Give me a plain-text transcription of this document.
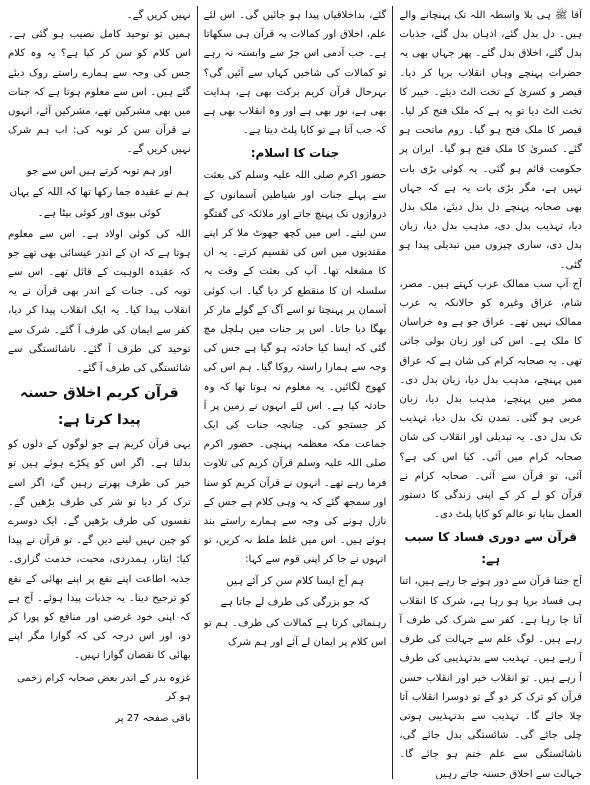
آقا ﷺ ہی بلا واسطہ اللہ تک پہنچانے والے ہیں۔ دل بدل گئے، اذہان بدل گئے، جذبات بدل گئے، اخلاق بدل گئے۔ پھر جہاں بھی یہ حضرات پہنچے وہاں انقلاب برپا کر دیا۔ قیصر و کسریٰ کے تخت الٹ دیئے۔ خیبر کا تخت الٹ دیا تو یہ ہے کہ ملک فتح کر لیا۔ قیصر کا ملک فتح ہو گیا۔ روم ماتحت ہو گئے۔ کسریٰ کا ملک فتح ہو گیا۔ ایران پر حکومت قائم ہو گئی۔ یہ کوئی بڑی بات نہیں ہے، مگر بڑی بات یہ ہے کہ جہاں بھی صحابہ پہنچے دل بدل دیئے، ملک بدل دیا، تہذیب بدل دی، مذہب بدل دیا، زبان بدل دی، ساری چیزوں میں تبدیلی پیدا ہو گئی۔

آج آپ سب ممالک عرب کہتے ہیں۔ مصر، شام، عراق وغیرہ کو حالانکہ یہ عرب ممالک نہیں تھے۔ عراق جو ہے وہ خراسان کا ملک ہے۔ اس کی اور زبان بولی جاتی تھی۔ یہ صحابہ کرام کی شان ہے کہ عراق میں پہنچے، مذہب بدل دیا، زبان بدل دی۔ مصر میں پہنچے، مذہب بدل دیا، زبان عربی ہو گئی۔ تمدن تک بدل دیا، تہذیب تک بدل دی۔ یہ تبدیلی اور انقلاب کی شان صحابہ کرام میں آئی۔ کیا اس کی ہے؟ آئی، تو قرآن سے آئی۔ صحابہ کرام نے قرآن کو لے کر کے اپنی زندگی کا دستور العمل بنایا تو عالم کو کایا پلٹ دی۔

قرآن سے دوری فساد کا سبب ہے:

آج جتنا قرآن سے دور ہوتے جا رہے ہیں، اتنا ہی فساد برپا ہو رہا ہے، شرک کا انقلاب آتا جا رہا ہے۔ کفر سے شرک کی طرف آ رہے ہیں۔ لوگ علم سے جہالت کی طرف آ رہے ہیں۔ تہذیب سے بدتہذیبی کی طرف آ رہے ہیں۔ تو انقلاب خیر اور انقلاب حسن قرآن کو ترک کر دو گے تو دوسرا انقلاب آتا چلا جائے گا۔ تہذیب سے بدتہذیبی ہوتی چلی جائے گی۔ شائستگی بدل جائے گی، ناشائستگی سے علم ختم ہو جائے گا۔ جہالت سے اخلاق حسنہ جاتے رہیں

گئے، بداخلاقیاں پیدا ہو جائیں گی۔ اس لئے علم، اخلاق اور کمالات یہ قرآن ہی سکھاتا ہے۔ جب آدمی اس جڑ سے وابستہ نہ رہے تو کمالات کی شاخیں کہاں سے آئیں گی؟ بہرحال قرآن کریم برکت بھی ہے، ہدایت بھی ہے، نور بھی ہے اور وہ انقلاب بھی ہے کہ جب آتا ہے تو کایا پلٹ دیتا ہے۔

جنات کا اسلام:

حضور اکرم صلی اللہ علیہ وسلم کی بعثت سے پہلے جنات اور شیاطین آسمانوں کے دروازوں تک پہنچ جاتے اور ملائکہ کی گفتگو سن لیتے۔ اس میں کچھ جھوٹ ملا کر اپنے مقتدیوں میں اس کی تقسیم کرتے۔ یہ ان کا مشغلہ تھا۔ آپ کی بعثت کے وقت یہ سلسلہ ان کا منقطع کر دیا گیا۔ اب کوئی آسمان پر پہنچتا تو اسے آگ کے گولے مار کر بھگا دیا جاتا۔ اس پر جنات میں ہلچل مچ گئی کہ ایسا کیا حادثہ ہو گیا ہے جس کی وجہ سے ہمارا راستہ روکا گیا۔ ہم اس کی کھوج لگائیں۔ یہ معلوم نہ ہوتا تھا کہ وہ حادثہ کیا ہے۔ اس لئے انہوں نے زمین پر آ کر جستجو کی۔ چنانچہ جنات کی ایک جماعت مکہ معظمہ پہنچی۔ حضور اکرم صلی اللہ علیہ وسلم قرآن کریم کی تلاوت فرما رہے تھے۔ انہوں نے قرآن کریم کو سنا اور سمجھ گئے کہ یہ وہی کلام ہے جس کے نازل ہونے کی وجہ سے ہمارے راستے بند ہوئے ہیں۔ اس میں غلط ملط نہ کریں، تو انہوں نے جا کر اپنی قوم سے کہا:

ہم آج ایسا کلام سن کر آئے ہیں
کہ جو بزرگی کی طرف لے جاتا ہے

رہنمائی کرتا ہے کمالات کی طرف۔ ہم تو اس کلام پر ایمان لے آئے اور ہم شرک

نہیں کریں گے۔

ہمیں تو توحید کامل نصیب ہو گئی ہے۔ اس کلام کو سن کر کیا ہے؟ یہ وہ کلام جس کی وجہ سے ہمارے راستے روک دیئے گئے ہیں۔ اس سے معلوم ہوتا ہے کہ جنات میں بھی مشرکین تھے، مشرکین آئے، انہوں نے قرآن سن کر توبہ کی: اب ہم شرک نہیں کریں گے۔

اور ہم توبہ کرتے ہیں اس سے جو
ہم نے عقیدہ جما رکھا تھا کہ اللہ کے یہاں
کوئی بیوی اور کوئی بیٹا ہے۔

اللہ کی کوئی اولاد ہے۔ اس سے معلوم ہوتا ہے کہ ان کے اندر عیسائی بھی تھے جو کہ عقیدہ الوہیت کے قائل تھے۔ اس سے توبہ کی۔ جنات کے اندر بھی قرآن نے یہ انقلاب پیدا کیا۔ یہ ایک انقلاب پیدا کر دیا، کفر سے ایمان کی طرف آ گئے۔ شرک سے توحید کی طرف آ گئے۔ ناشائستگی سے شائستگی کی طرف آ گئے۔

قرآن کریم اخلاق حسنہ
پیدا کرتا ہے:

یہی قرآن کریم ہے جو لوگوں کے دلوں کو بدلتا ہے۔ اگر اس کو پکڑے ہوئے ہیں تو خیر کی طرف پھرتے رہیں گے، اگر اسے ترک کر دیا تو شر کی طرف بڑھیں گے۔ نفسوں کی طرف بڑھیں گے۔ ایک دوسرے کو چین نہیں لینے دیں گے۔ تو قرآن نے پیدا کیا: ایثار، ہمدردی، محبت، خدمت گزاری۔ جذبہ اطاعت اپنے نفع پر اپنے بھائی کے نفع کو ترجیح دینا۔ یہ جذبات پیدا ہوئے۔ آج ہے کہ اپنی خود غرضی اور منافع کو پورا کر دو، اور اس درجہ کی کہ گوارا مگر اپنے بھائی کا نقصان گوارا نہیں۔

غزوہ بدر کے اندر بعض صحابہ کرام زخمی ہو کر
باقی صفحہ 27 پر
